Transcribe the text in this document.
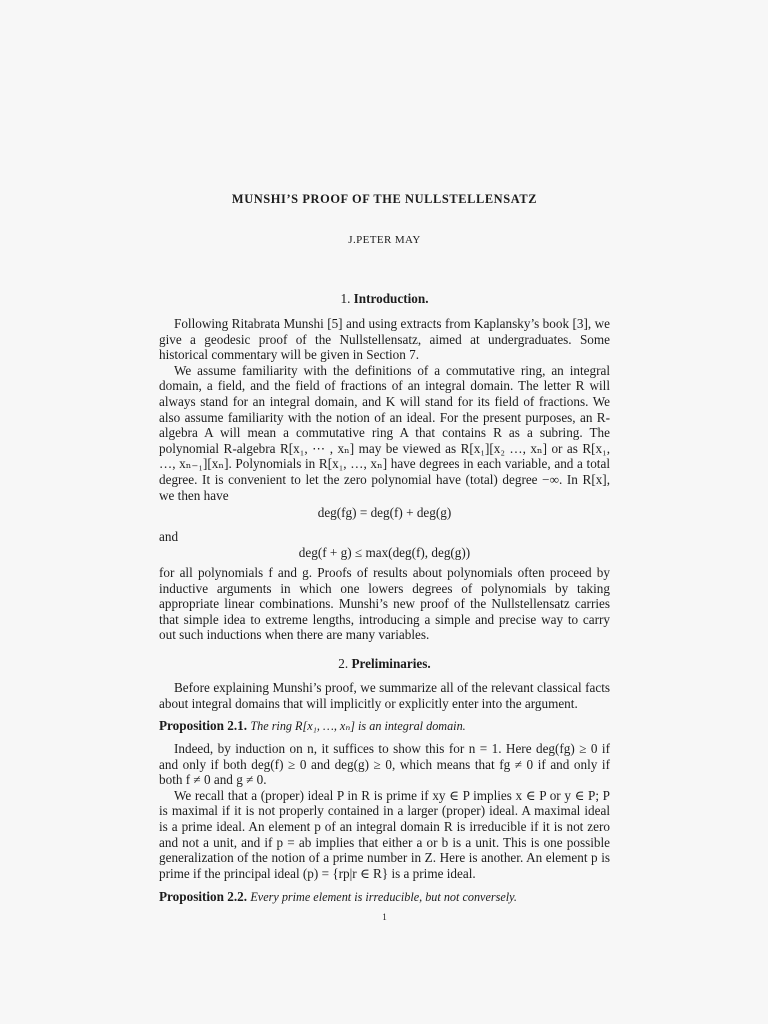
MUNSHI’S PROOF OF THE NULLSTELLENSATZ
J.PETER MAY
1. Introduction.

Following Ritabrata Munshi [5] and using extracts from Kaplansky’s book [3], we give a geodesic proof of the Nullstellensatz, aimed at undergraduates. Some historical commentary will be given in Section 7.

We assume familiarity with the definitions of a commutative ring, an integral domain, a field, and the field of fractions of an integral domain. The letter R will always stand for an integral domain, and K will stand for its field of fractions. We also assume familiarity with the notion of an ideal. For the present purposes, an R-algebra A will mean a commutative ring A that contains R as a subring. The polynomial R-algebra R[x₁, ⋯ , xₙ] may be viewed as R[x₁][x₂ …, xₙ] or as R[x₁, …, xₙ₋₁][xₙ]. Polynomials in R[x₁, …, xₙ] have degrees in each variable, and a total degree. It is convenient to let the zero polynomial have (total) degree −∞. In R[x], we then have

deg(fg) = deg(f) + deg(g)

and

deg(f + g) ≤ max(deg(f), deg(g))

for all polynomials f and g. Proofs of results about polynomials often proceed by inductive arguments in which one lowers degrees of polynomials by taking appropriate linear combinations. Munshi’s new proof of the Nullstellensatz carries that simple idea to extreme lengths, introducing a simple and precise way to carry out such inductions when there are many variables.

2. Preliminaries.

Before explaining Munshi’s proof, we summarize all of the relevant classical facts about integral domains that will implicitly or explicitly enter into the argument.

Proposition 2.1. The ring R[x₁, …, xₙ] is an integral domain.

Indeed, by induction on n, it suffices to show this for n = 1. Here deg(fg) ≥ 0 if and only if both deg(f) ≥ 0 and deg(g) ≥ 0, which means that fg ≠ 0 if and only if both f ≠ 0 and g ≠ 0.

We recall that a (proper) ideal P in R is prime if xy ∈ P implies x ∈ P or y ∈ P; P is maximal if it is not properly contained in a larger (proper) ideal. A maximal ideal is a prime ideal. An element p of an integral domain R is irreducible if it is not zero and not a unit, and if p = ab implies that either a or b is a unit. This is one possible generalization of the notion of a prime number in Z. Here is another. An element p is prime if the principal ideal (p) = {rp|r ∈ R} is a prime ideal.

Proposition 2.2. Every prime element is irreducible, but not conversely.

1
